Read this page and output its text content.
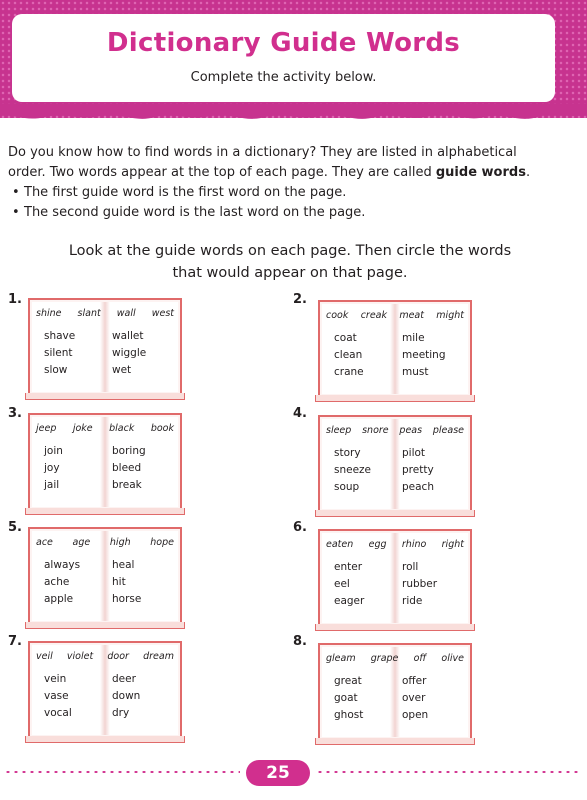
Dictionary Guide Words
Complete the activity below.

Do you know how to find words in a dictionary? They are listed in alphabetical

order. Two words appear at the top of each page. They are called guide words.

• The first guide word is the first word on the page.
• The second guide word is the last word on the page.
Look at the guide words on each page. Then circle the words
that would appear on that page.
1.
shine slant wall west
shave	wallet
silent	wiggle
slow	wet
2.
cook creak meat might
coat	mile
clean	meeting
crane	must
3.
jeep joke black book
join	boring
joy	bleed
jail	break
4.
sleep snore peas please
story	pilot
sneeze	pretty
soup	peach
5.
ace age high hope
always	heal
ache	hit
apple	horse
6.
eaten egg rhino right
enter	roll
eel	rubber
eager	ride
7.
veil violet door dream
vein	deer
vase	down
vocal	dry
8.
gleam grape off olive
great	offer
goat	over
ghost	open
25
